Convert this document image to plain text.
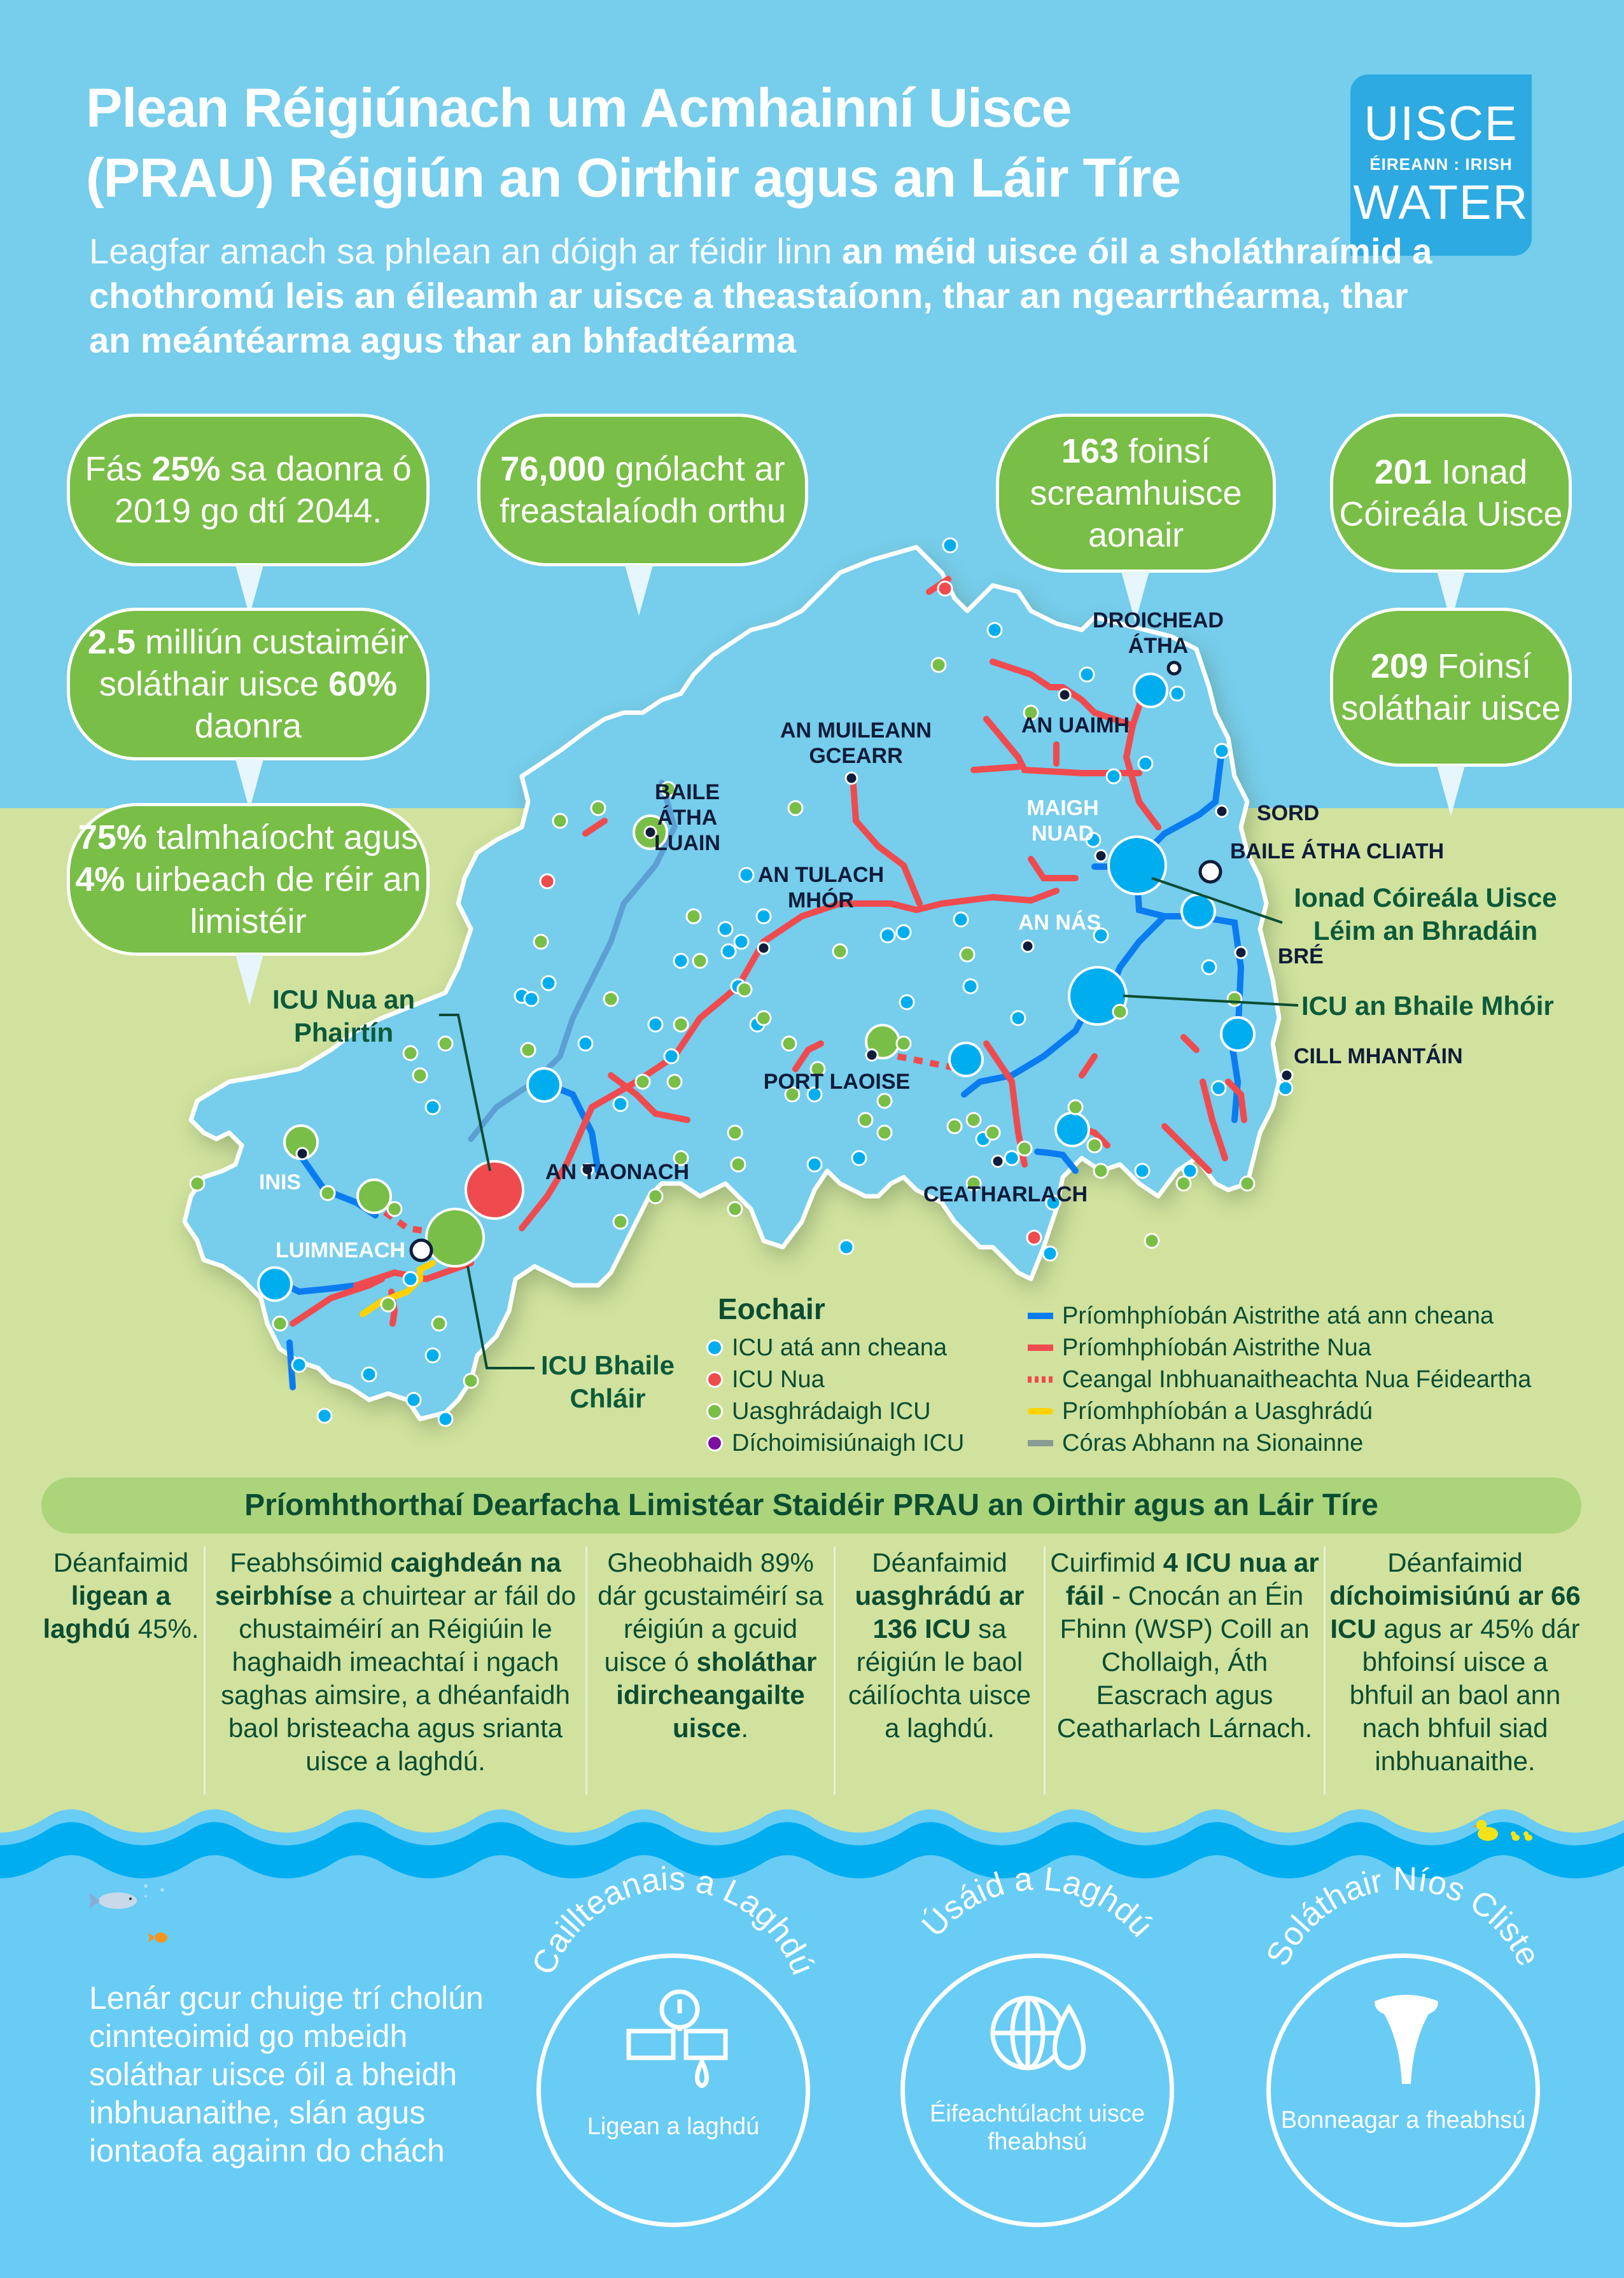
Plean Réigiúnach um Acmhainní Uisce
(PRAU) Réigiún an Oirthir agus an Láir Tíre
UISCE
ÉIREANN : IRISH
WATER
Leagfar amach sa phlean an dóigh ar féidir linn an méid uisce óil a sholáthraímid a chothromú leis an éileamh ar uisce a theastaíonn, thar an ngearrthéarma, thar an meántéarma agus thar an bhfadtéarma
Fás 25% sa daonra ó 2019 go dtí 2044.
76,000 gnólacht ar freastalaíodh orthu
163 foinsí screamhuisce aonair
201 Ionad Cóireála Uisce
2.5 milliún custaiméir soláthair uisce 60% daonra
209 Foinsí soláthair uisce
75% talmhaíocht agus 4% uirbeach de réir an limistéir
DROICHEAD ÁTHA
AN UAIMH
AN MUILEANN GCEARR
BAILE ÁTHA LUAIN
MAIGH NUAD
SORD
BAILE ÁTHA CLIATH
AN TULACH MHÓR
AN NÁS
BRÉ
CILL MHANTÁIN
PORT LAOISE
CEATHARLACH
AN TAONACH
INIS
LUIMNEACH
Ionad Cóireála Uisce Léim an Bhradáin
ICU an Bhaile Mhóir
ICU Nua an Phairtín
ICU Bhaile Chláir
Eochair
ICU atá ann cheana
ICU Nua
Uasghrádaigh ICU
Díchoimisiúnaigh ICU
Príomhphíobán Aistrithe atá ann cheana
Príomhphíobán Aistrithe Nua
Ceangal Inbhuanaitheachta Nua Féideartha
Príomhphíobán a Uasghrádú
Córas Abhann na Sionainne
Príomhthorthaí Dearfacha Limistéar Staidéir PRAU an Oirthir agus an Láir Tíre
Déanfaimid ligean a laghdú 45%.
Feabhsóimid caighdeán na seirbhíse a chuirtear ar fáil do chustaiméirí an Réigiúin le haghaidh imeachtaí i ngach saghas aimsire, a dhéanfaidh baol bristeacha agus srianta uisce a laghdú.
Gheobhaidh 89% dár gcustaiméirí sa réigiún a gcuid uisce ó sholáthar idircheangailte uisce.
Déanfaimid uasghrádú ar 136 ICU sa réigiún le baol cáilíochta uisce a laghdú.
Cuirfimid 4 ICU nua ar fáil - Cnocán an Éin Fhinn (WSP) Coill an Chollaigh, Áth Eascrach agus Ceatharlach Lárnach.
Déanfaimid díchoimisiúnú ar 66 ICU agus ar 45% dár bhfoinsí uisce a bhfuil an baol ann nach bhfuil siad inbhuanaithe.
Lenár gcur chuige trí cholún cinnteoimid go mbeidh soláthar uisce óil a bheidh inbhuanaithe, slán agus iontaofa againn do chách
Caillteanais a Laghdú
Ligean a laghdú
Úsáid a Laghdú
Éifeachtúlacht uisce fheabhsú
Soláthair Níos Cliste
Bonneagar a fheabhsú
